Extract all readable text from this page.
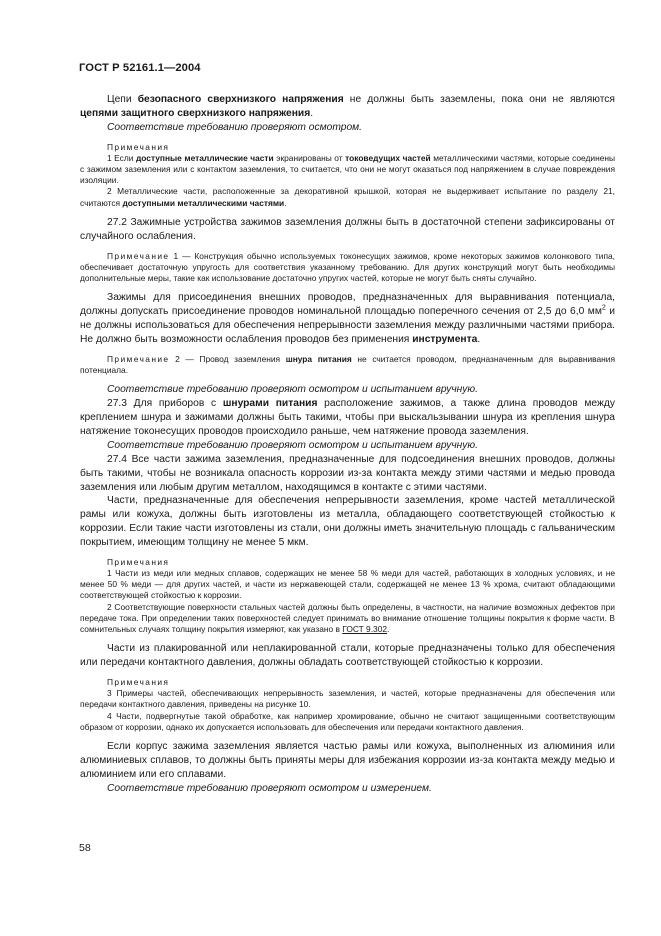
ГОСТ Р 52161.1—2004

Цепи безопасного сверхнизкого напряжения не должны быть заземлены, пока они не являются цепями защитного сверхнизкого напряжения.

Соответствие требованию проверяют осмотром.

Примечания

1 Если доступные металлические части экранированы от токоведущих частей металлическими частями, которые соединены с зажимом заземления или с контактом заземления, то считается, что они не могут оказаться под напряжением в случае повреждения изоляции.

2 Металлические части, расположенные за декоративной крышкой, которая не выдерживает испытание по разделу 21, считаются доступными металлическими частями.

27.2 Зажимные устройства зажимов заземления должны быть в достаточной степени зафиксированы от случайного ослабления.

Примечание 1 — Конструкция обычно используемых токонесущих зажимов, кроме некоторых зажимов колонкового типа, обеспечивает достаточную упругость для соответствия указанному требованию. Для других конструкций могут быть необходимы дополнительные меры, такие как использование достаточно упругих частей, которые не могут быть сняты случайно.

Зажимы для присоединения внешних проводов, предназначенных для выравнивания потенциала, должны допускать присоединение проводов номинальной площадью поперечного сечения от 2,5 до 6,0 $мм^2$ и не должны использоваться для обеспечения непрерывности заземления между различными частями прибора. Не должно быть возможности ослабления проводов без применения инструмента.

Примечание 2 — Провод заземления шнура питания не считается проводом, предназначенным для выравнивания потенциала.

Соответствие требованию проверяют осмотром и испытанием вручную.

27.3 Для приборов с шнурами питания расположение зажимов, а также длина проводов между креплением шнура и зажимами должны быть такими, чтобы при выскальзывании шнура из крепления шнура натяжение токонесущих проводов происходило раньше, чем натяжение провода заземления.

Соответствие требованию проверяют осмотром и испытанием вручную.

27.4 Все части зажима заземления, предназначенные для подсоединения внешних проводов, должны быть такими, чтобы не возникала опасность коррозии из-за контакта между этими частями и медью провода заземления или любым другим металлом, находящимся в контакте с этими частями.

Части, предназначенные для обеспечения непрерывности заземления, кроме частей металлической рамы или кожуха, должны быть изготовлены из металла, обладающего соответствующей стойкостью к коррозии. Если такие части изготовлены из стали, они должны иметь значительную площадь с гальваническим покрытием, имеющим толщину не менее 5 мкм.

Примечания

1 Части из меди или медных сплавов, содержащих не менее 58 % меди для частей, работающих в холодных условиях, и не менее 50 % меди — для других частей, и части из нержавеющей стали, содержащей не менее 13 % хрома, считают обладающими соответствующей стойкостью к коррозии.

2 Соответствующие поверхности стальных частей должны быть определены, в частности, на наличие возможных дефектов при передаче тока. При определении таких поверхностей следует принимать во внимание отношение толщины покрытия к форме части. В сомнительных случаях толщину покрытия измеряют, как указано в ГОСТ 9.302.

Части из плакированной или неплакированной стали, которые предназначены только для обеспечения или передачи контактного давления, должны обладать соответствующей стойкостью к коррозии.

Примечания

3 Примеры частей, обеспечивающих непрерывность заземления, и частей, которые предназначены для обеспечения или передачи контактного давления, приведены на рисунке 10.

4 Части, подвергнутые такой обработке, как например хромирование, обычно не считают защищенными соответствующим образом от коррозии, однако их допускается использовать для обеспечения или передачи контактного давления.

Если корпус зажима заземления является частью рамы или кожуха, выполненных из алюминия или алюминиевых сплавов, то должны быть приняты меры для избежания коррозии из-за контакта между медью и алюминием или его сплавами.

Соответствие требованию проверяют осмотром и измерением.

58
